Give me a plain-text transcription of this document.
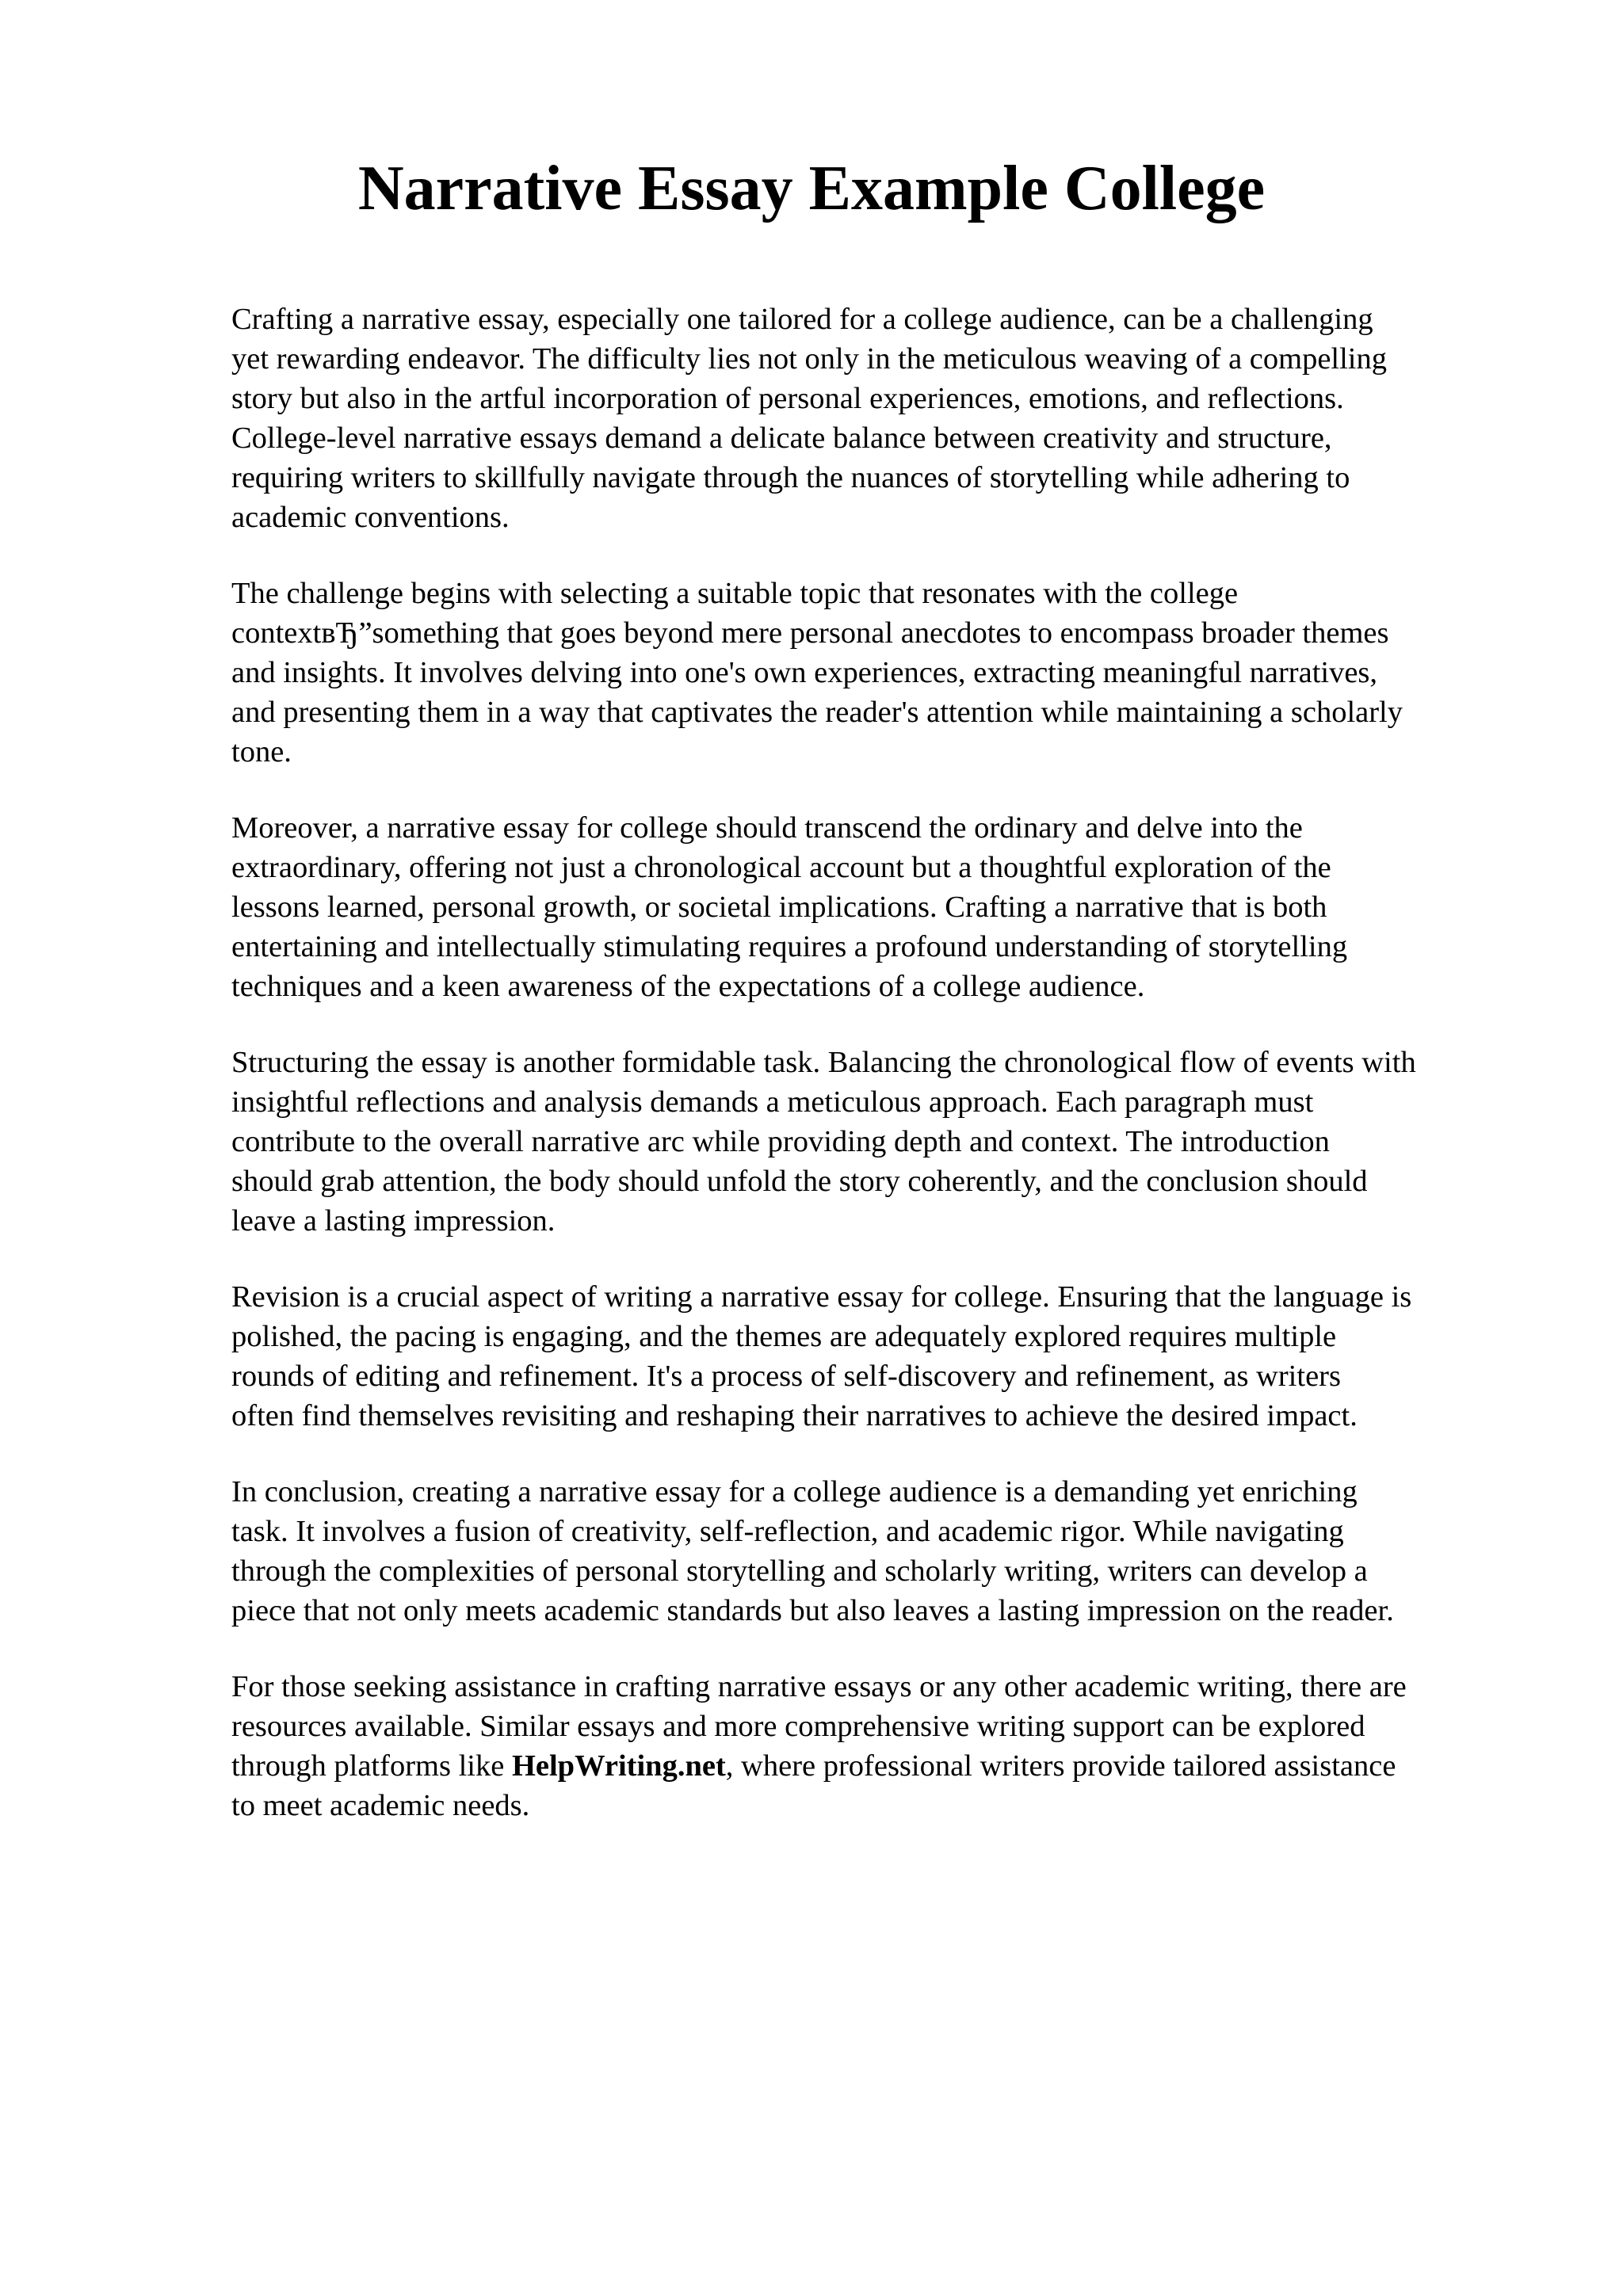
Narrative Essay Example College

Crafting a narrative essay, especially one tailored for a college audience, can be a challenging
yet rewarding endeavor. The difficulty lies not only in the meticulous weaving of a compelling
story but also in the artful incorporation of personal experiences, emotions, and reflections.
College-level narrative essays demand a delicate balance between creativity and structure,
requiring writers to skillfully navigate through the nuances of storytelling while adhering to
academic conventions.

The challenge begins with selecting a suitable topic that resonates with the college
contextвЂ”something that goes beyond mere personal anecdotes to encompass broader themes
and insights. It involves delving into one's own experiences, extracting meaningful narratives,
and presenting them in a way that captivates the reader's attention while maintaining a scholarly
tone.

Moreover, a narrative essay for college should transcend the ordinary and delve into the
extraordinary, offering not just a chronological account but a thoughtful exploration of the
lessons learned, personal growth, or societal implications. Crafting a narrative that is both
entertaining and intellectually stimulating requires a profound understanding of storytelling
techniques and a keen awareness of the expectations of a college audience.

Structuring the essay is another formidable task. Balancing the chronological flow of events with
insightful reflections and analysis demands a meticulous approach. Each paragraph must
contribute to the overall narrative arc while providing depth and context. The introduction
should grab attention, the body should unfold the story coherently, and the conclusion should
leave a lasting impression.

Revision is a crucial aspect of writing a narrative essay for college. Ensuring that the language is
polished, the pacing is engaging, and the themes are adequately explored requires multiple
rounds of editing and refinement. It's a process of self-discovery and refinement, as writers
often find themselves revisiting and reshaping their narratives to achieve the desired impact.

In conclusion, creating a narrative essay for a college audience is a demanding yet enriching
task. It involves a fusion of creativity, self-reflection, and academic rigor. While navigating
through the complexities of personal storytelling and scholarly writing, writers can develop a
piece that not only meets academic standards but also leaves a lasting impression on the reader.

For those seeking assistance in crafting narrative essays or any other academic writing, there are
resources available. Similar essays and more comprehensive writing support can be explored
through platforms like HelpWriting.net, where professional writers provide tailored assistance
to meet academic needs.
